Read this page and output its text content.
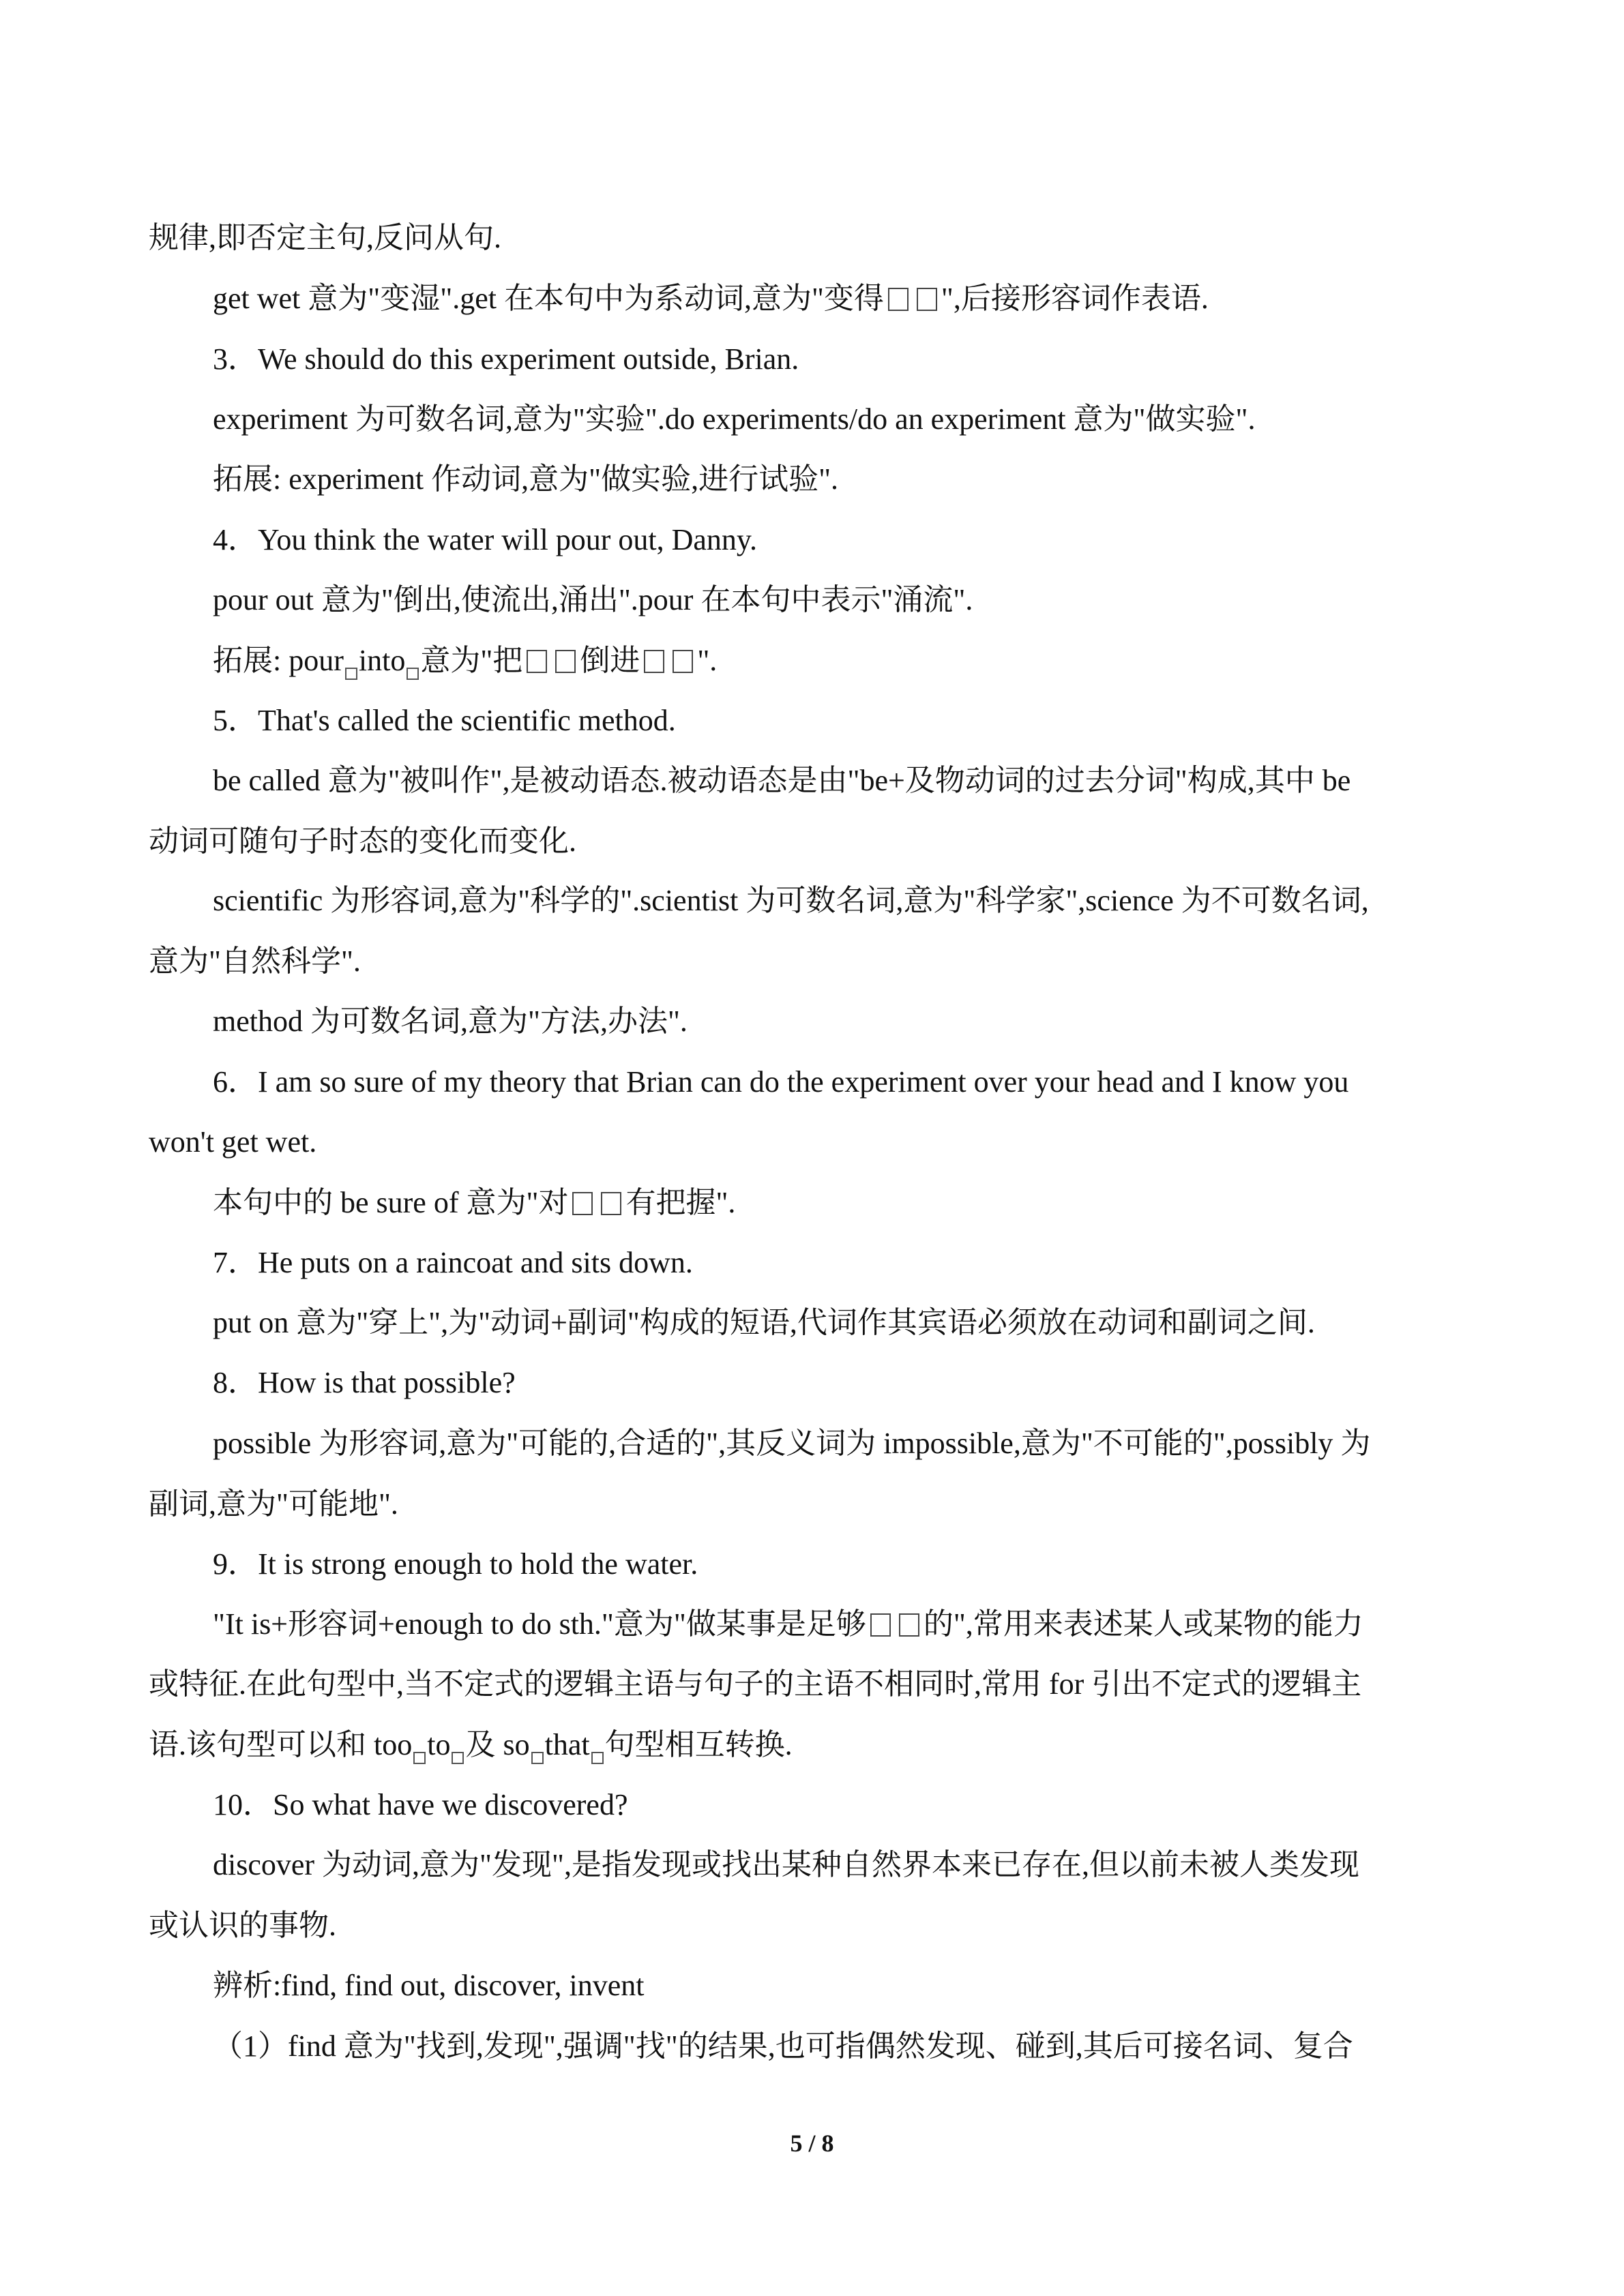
规律,即否定主句,反问从句.
get wet 意为"变湿".get 在本句中为系动词,意为"变得 ",后接形容词作表语.
3．We should do this experiment outside, Brian.
experiment 为可数名词,意为"实验".do experiments/do an experiment 意为"做实验".
拓展: experiment 作动词,意为"做实验,进行试验".
4．You think the water will pour out, Danny.
pour out 意为"倒出,使流出,涌出".pour 在本句中表示"涌流".
拓展: pour into 意为"把 倒进 ".
5．That's called the scientific method.
be called 意为"被叫作",是被动语态.被动语态是由"be+及物动词的过去分词"构成,其中 be
动词可随句子时态的变化而变化.
scientific 为形容词,意为"科学的".scientist 为可数名词,意为"科学家",science 为不可数名词,
意为"自然科学".
method 为可数名词,意为"方法,办法".
6．I am so sure of my theory that Brian can do the experiment over your head and I know you
won't get wet.
本句中的 be sure of 意为"对 有把握".
7．He puts on a raincoat and sits down.
put on 意为"穿上",为"动词+副词"构成的短语,代词作其宾语必须放在动词和副词之间.
8．How is that possible?
possible 为形容词,意为"可能的,合适的",其反义词为 impossible,意为"不可能的",possibly 为
副词,意为"可能地".
9．It is strong enough to hold the water.
"It is+形容词+enough to do sth."意为"做某事是足够 的",常用来表述某人或某物的能力
或特征.在此句型中,当不定式的逻辑主语与句子的主语不相同时,常用 for 引出不定式的逻辑主
语.该句型可以和 too to 及 so that 句型相互转换.
10．So what have we discovered?
discover 为动词,意为"发现",是指发现或找出某种自然界本来已存在,但以前未被人类发现
或认识的事物.
辨析:find, find out, discover, invent
（1）find 意为"找到,发现",强调"找"的结果,也可指偶然发现、碰到,其后可接名词、复合
5 / 8
